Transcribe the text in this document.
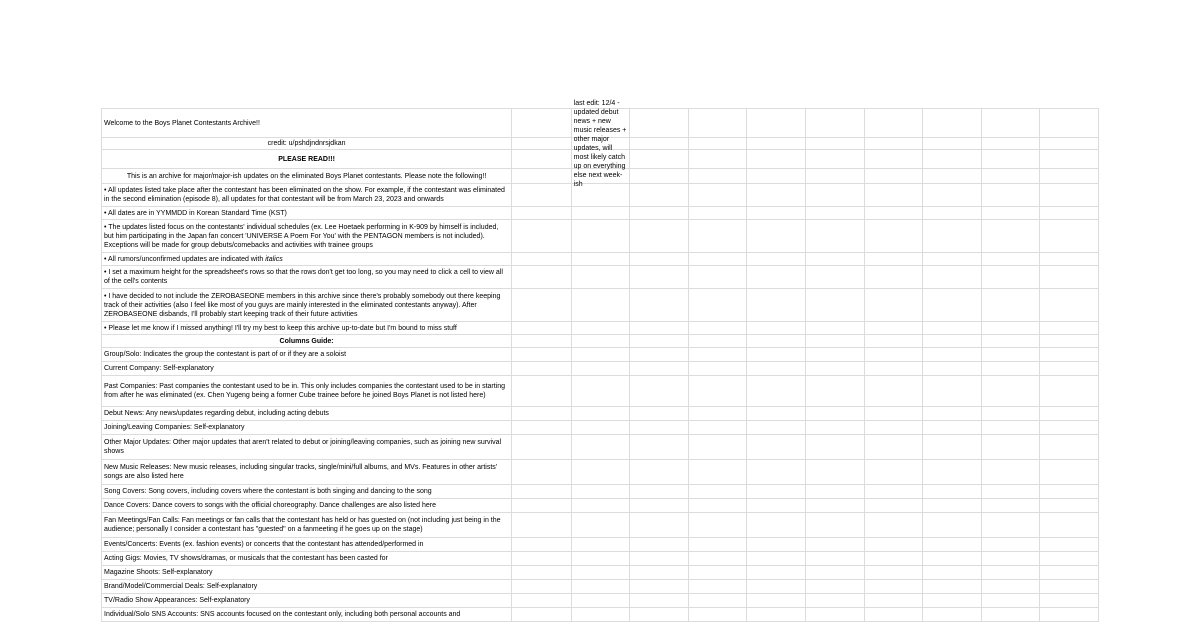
Welcome to the Boys Planet Contestants Archive!!										
credit: u/pshdjndnrsjdkan		last edit: 12/4 - updated debut news + new music releases + other major updates, will most likely catch up on everything else next week-ish								

PLEASE READ!!!										
This is an archive for major/major-ish updates on the eliminated Boys Planet contestants. Please note the following!!										
• All updates listed take place after the contestant has been eliminated on the show. For example, if the contestant was eliminated in the second elimination (episode 8), all updates for that contestant will be from March 23, 2023 and onwards										
• All dates are in YYMMDD in Korean Standard Time (KST)										
• The updates listed focus on the contestants' individual schedules (ex. Lee Hoetaek performing in K-909 by himself is included, but him participating in the Japan fan concert 'UNIVERSE A Poem For You' with the PENTAGON members is not included). Exceptions will be made for group debuts/comebacks and activities with trainee groups										
• All rumors/unconfirmed updates are indicated with italics										
• I set a maximum height for the spreadsheet's rows so that the rows don't get too long, so you may need to click a cell to view all of the cell's contents										
• I have decided to not include the ZEROBASEONE members in this archive since there's probably somebody out there keeping track of their activities (also I feel like most of you guys are mainly interested in the eliminated contestants anyway). After ZEROBASEONE disbands, I'll probably start keeping track of their future activities										
• Please let me know if I missed anything! I'll try my best to keep this archive up-to-date but I'm bound to miss stuff										
Columns Guide:										
Group/Solo: Indicates the group the contestant is part of or if they are a soloist										
Current Company: Self-explanatory										
Past Companies: Past companies the contestant used to be in. This only includes companies the contestant used to be in starting from after he was eliminated (ex. Chen Yugeng being a former Cube trainee before he joined Boys Planet is not listed here)										
Debut News: Any news/updates regarding debut, including acting debuts										
Joining/Leaving Companies: Self-explanatory										
Other Major Updates: Other major updates that aren't related to debut or joining/leaving companies, such as joining new survival shows										
New Music Releases: New music releases, including singular tracks, single/mini/full albums, and MVs. Features in other artists' songs are also listed here										
Song Covers: Song covers, including covers where the contestant is both singing and dancing to the song										
Dance Covers: Dance covers to songs with the official choreography. Dance challenges are also listed here										
Fan Meetings/Fan Calls: Fan meetings or fan calls that the contestant has held or has guested on (not including just being in the audience; personally I consider a contestant has "guested" on a fanmeeting if he goes up on the stage)										
Events/Concerts: Events (ex. fashion events) or concerts that the contestant has attended/performed in										
Acting Gigs: Movies, TV shows/dramas, or musicals that the contestant has been casted for										
Magazine Shoots: Self-explanatory										
Brand/Model/Commercial Deals: Self-explanatory										
TV/Radio Show Appearances: Self-explanatory										
Individual/Solo SNS Accounts: SNS accounts focused on the contestant only, including both personal accounts and										
